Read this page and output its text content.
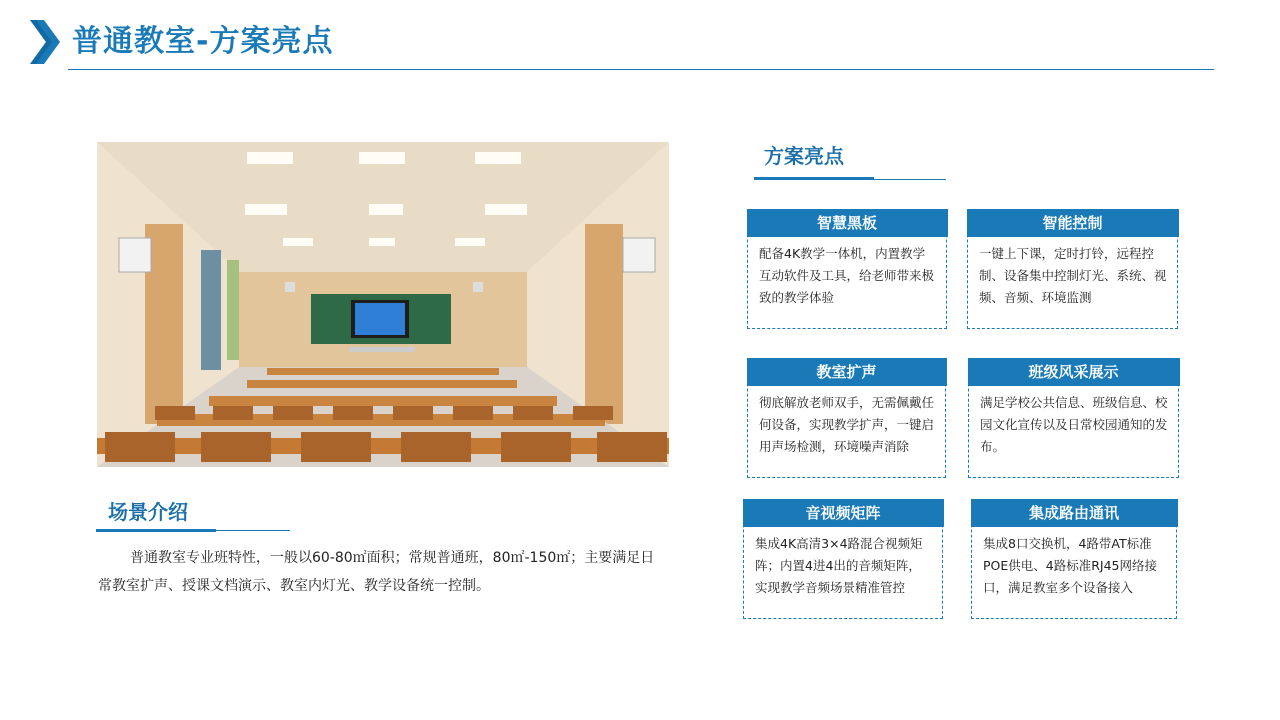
普通教室-方案亮点
场景介绍
普通教室专业班特性，一般以60-80㎡面积；常规普通班，80㎡-150㎡；主要满足日常教室扩声、授课文档演示、教室内灯光、教学设备统一控制。
方案亮点
智慧黑板
配备4K教学一体机，内置教学互动软件及工具，给老师带来极致的教学体验
智能控制
一键上下课，定时打铃，远程控制、设备集中控制灯光、系统、视频、音频、环境监测
教室扩声
彻底解放老师双手，无需佩戴任何设备，实现教学扩声，一键启用声场检测，环境噪声消除
班级风采展示
满足学校公共信息、班级信息、校园文化宣传以及日常校园通知的发布。
音视频矩阵
集成4K高清3×4路混合视频矩阵；内置4进4出的音频矩阵，实现教学音频场景精准管控
集成路由通讯
集成8口交换机，4路带AT标准POE供电、4路标准RJ45网络接口，满足教室多个设备接入
